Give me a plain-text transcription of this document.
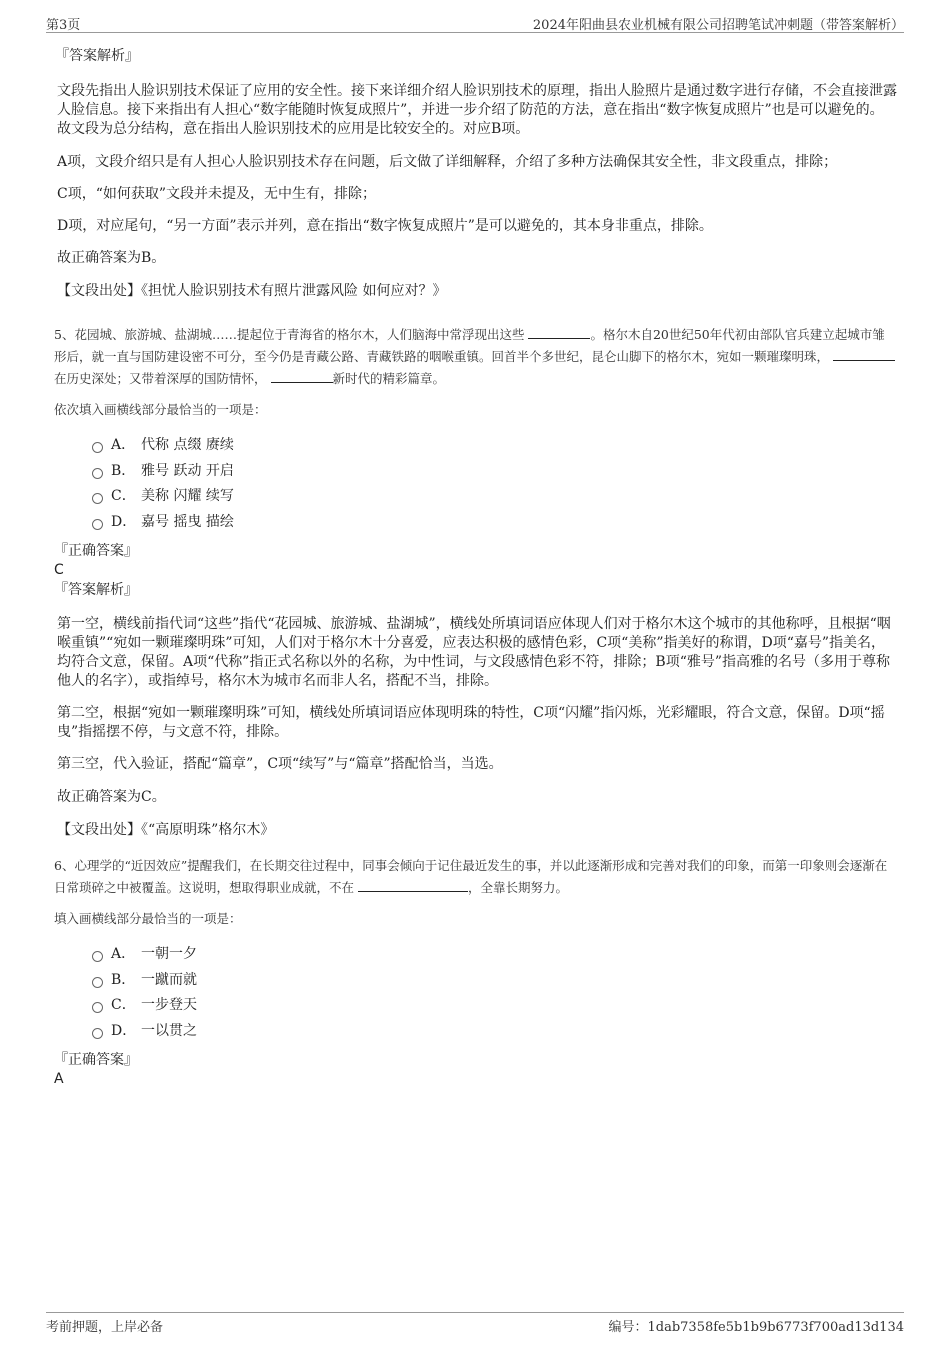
第3页	2024年阳曲县农业机械有限公司招聘笔试冲刺题（带答案解析）

『答案解析』

文段先指出人脸识别技术保证了应用的安全性。接下来详细介绍人脸识别技术的原理，指出人脸照片是通过数字进行存储，不会直接泄露人脸信息。接下来指出有人担心“数字能随时恢复成照片”，并进一步介绍了防范的方法，意在指出“数字恢复成照片”也是可以避免的。故文段为总分结构，意在指出人脸识别技术的应用是比较安全的。对应B项。

A项，文段介绍只是有人担心人脸识别技术存在问题，后文做了详细解释，介绍了多种方法确保其安全性，非文段重点，排除；

C项，“如何获取”文段并未提及，无中生有，排除；

D项，对应尾句，“另一方面”表示并列，意在指出“数字恢复成照片”是可以避免的，其本身非重点，排除。

故正确答案为B。

【文段出处】《担忧人脸识别技术有照片泄露风险 如何应对？》

5、花园城、旅游城、盐湖城……提起位于青海省的格尔木，人们脑海中常浮现出这些	。格尔木自20世纪50年代初由部队官兵建立起城市雏形后，就一直与国防建设密不可分，至今仍是青藏公路、青藏铁路的咽喉重镇。回首半个多世纪，昆仑山脚下的格尔木，宛如一颗璀璨明珠， 在历史深处；又带着深厚的国防情怀，	新时代的精彩篇章。

依次填入画横线部分最恰当的一项是：

A． 代称 点缀 赓续
B． 雅号 跃动 开启
C． 美称 闪耀 续写
D． 嘉号 摇曳 描绘

『正确答案』

C

『答案解析』

第一空，横线前指代词“这些”指代“花园城、旅游城、盐湖城”，横线处所填词语应体现人们对于格尔木这个城市的其他称呼，且根据“咽喉重镇”“宛如一颗璀璨明珠”可知，人们对于格尔木十分喜爱，应表达积极的感情色彩，C项“美称”指美好的称谓，D项“嘉号”指美名，均符合文意，保留。A项“代称”指正式名称以外的名称，为中性词，与文段感情色彩不符，排除；B项“雅号”指高雅的名号（多用于尊称他人的名字），或指绰号，格尔木为城市名而非人名，搭配不当，排除。

第二空，根据“宛如一颗璀璨明珠”可知，横线处所填词语应体现明珠的特性，C项“闪耀”指闪烁，光彩耀眼，符合文意，保留。D项“摇曳”指摇摆不停，与文意不符，排除。

第三空，代入验证，搭配“篇章”，C项“续写”与“篇章”搭配恰当，当选。

故正确答案为C。

【文段出处】《“高原明珠”格尔木》

6、心理学的“近因效应”提醒我们，在长期交往过程中，同事会倾向于记住最近发生的事，并以此逐渐形成和完善对我们的印象，而第一印象则会逐渐在日常琐碎之中被覆盖。这说明，想取得职业成就，不在	，全靠长期努力。

填入画横线部分最恰当的一项是：

A． 一朝一夕
B． 一蹴而就
C． 一步登天
D． 一以贯之

『正确答案』

A

考前押题，上岸必备	编号：1dab7358fe5b1b9b6773f700ad13d134
